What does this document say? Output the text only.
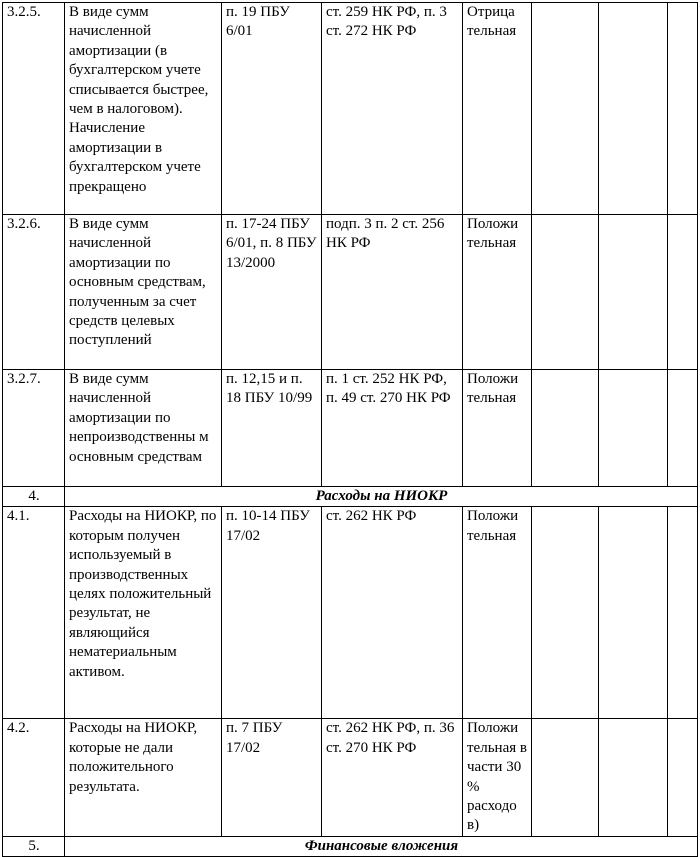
3.2.5.	В виде сумм начисленной амортизации (в бухгалтерском учете списывается быстрее, чем в налоговом). Начисление амортизации в бухгалтерском учете прекращено	п. 19 ПБУ 6/01	ст. 259 НК РФ, п. 3 ст. 272 НК РФ	Отрица тельная			
3.2.6.	В виде сумм начисленной амортизации по основным средствам, полученным за счет средств целевых поступлений	п. 17-24 ПБУ 6/01, п. 8 ПБУ 13/2000	подп. 3 п. 2 ст. 256 НК РФ	Положи тельная			
3.2.7.	В виде сумм начисленной амортизации по непроизводственны м основным средствам	п. 12,15 и п. 18 ПБУ 10/99	п. 1 ст. 252 НК РФ, п. 49 ст. 270 НК РФ	Положи тельная			
4.	Расходы на НИОКР						
4.1.	Расходы на НИОКР, по которым получен используемый в производственных целях положительный результат, не являющийся нематериальным активом.	п. 10-14 ПБУ 17/02	ст. 262 НК РФ	Положи тельная			
4.2.	Расходы на НИОКР, которые не дали положительного результата.	п. 7 ПБУ 17/02	ст. 262 НК РФ, п. 36 ст. 270 НК РФ	Положи тельная в части 30 % расходо в)			
5.	Финансовые вложения						
